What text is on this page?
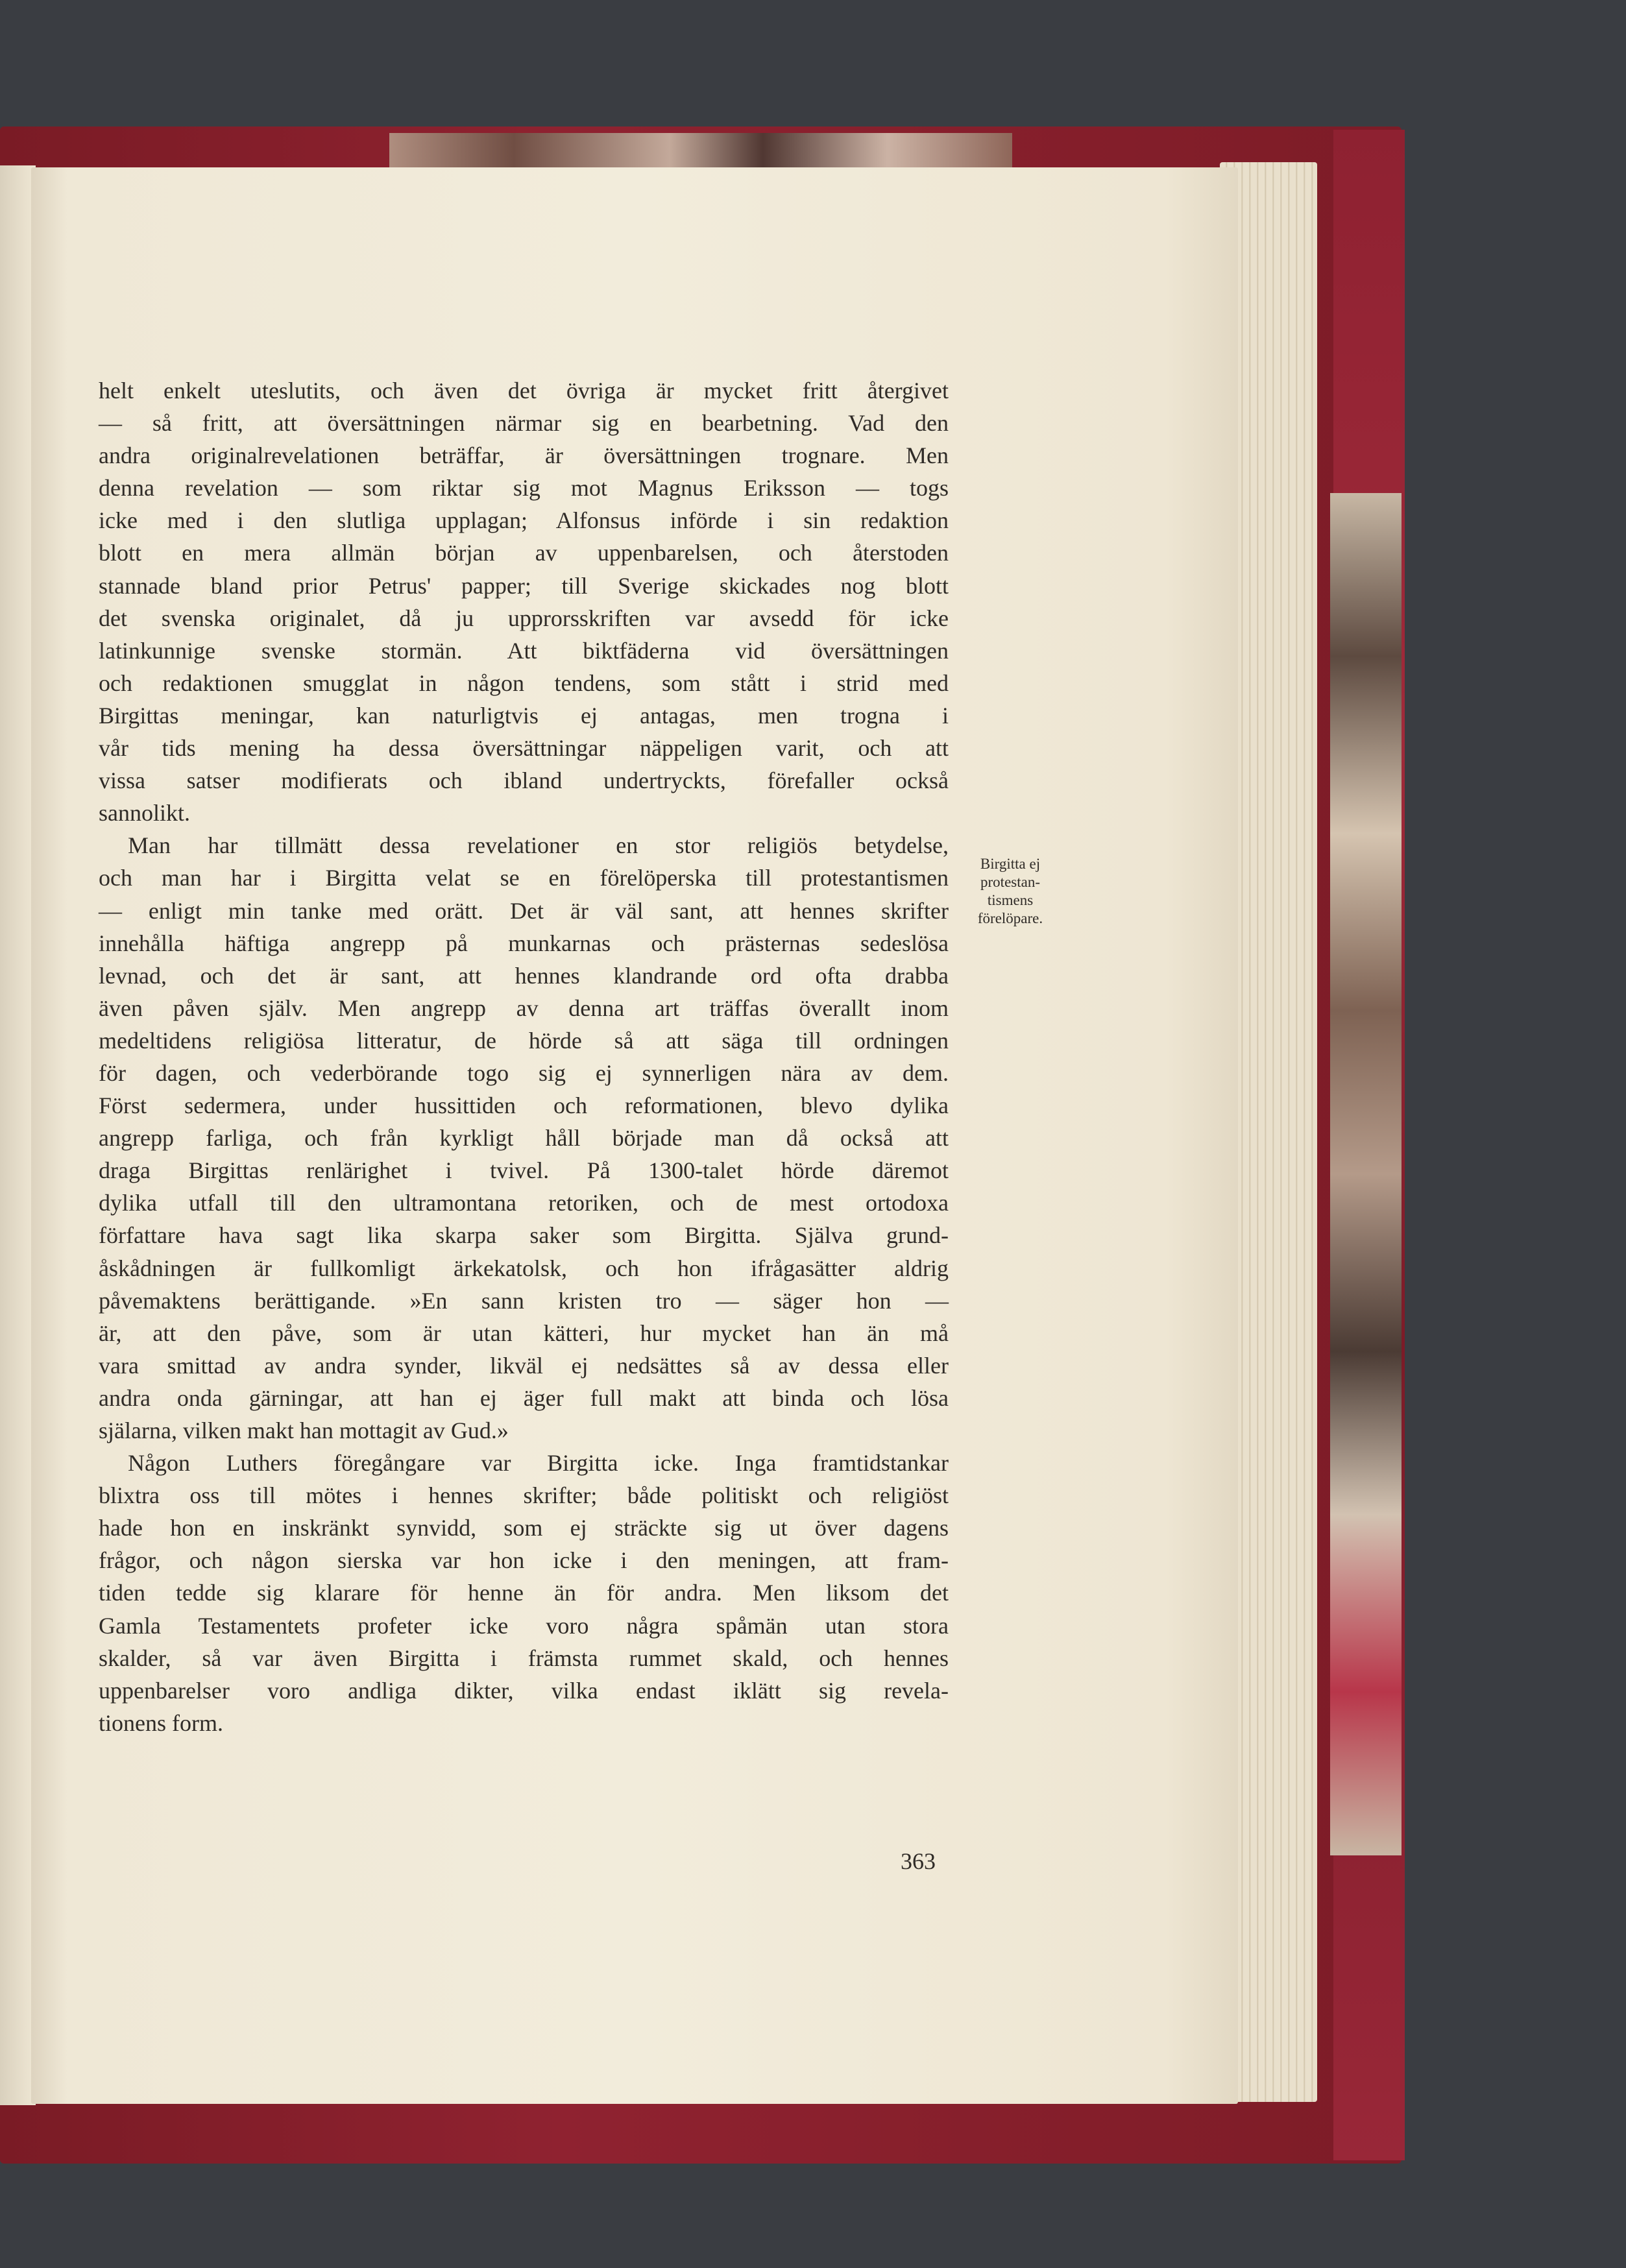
helt enkelt uteslutits, och även det övriga är mycket fritt återgivet
— så fritt, att översättningen närmar sig en bearbetning. Vad den
andra originalrevelationen beträffar, är översättningen trognare. Men
denna revelation — som riktar sig mot Magnus Eriksson — togs
icke med i den slutliga upplagan; Alfonsus införde i sin redaktion
blott en mera allmän början av uppenbarelsen, och återstoden
stannade bland prior Petrus' papper; till Sverige skickades nog blott
det svenska originalet, då ju upprorsskriften var avsedd för icke
latinkunnige svenske stormän. Att biktfäderna vid översättningen
och redaktionen smugglat in någon tendens, som stått i strid med
Birgittas meningar, kan naturligtvis ej antagas, men trogna i
vår tids mening ha dessa översättningar näppeligen varit, och att
vissa satser modifierats och ibland undertryckts, förefaller också
sannolikt.
Man har tillmätt dessa revelationer en stor religiös betydelse,
och man har i Birgitta velat se en förelöperska till protestantismen
— enligt min tanke med orätt. Det är väl sant, att hennes skrifter
innehålla häftiga angrepp på munkarnas och prästernas sedeslösa
levnad, och det är sant, att hennes klandrande ord ofta drabba
även påven själv. Men angrepp av denna art träffas överallt inom
medeltidens religiösa litteratur, de hörde så att säga till ordningen
för dagen, och vederbörande togo sig ej synnerligen nära av dem.
Först sedermera, under hussittiden och reformationen, blevo dylika
angrepp farliga, och från kyrkligt håll började man då också att
draga Birgittas renlärighet i tvivel. På 1300-talet hörde däremot
dylika utfall till den ultramontana retoriken, och de mest ortodoxa
författare hava sagt lika skarpa saker som Birgitta. Själva grund-
åskådningen är fullkomligt ärkekatolsk, och hon ifrågasätter aldrig
påvemaktens berättigande. »En sann kristen tro — säger hon —
är, att den påve, som är utan kätteri, hur mycket han än må
vara smittad av andra synder, likväl ej nedsättes så av dessa eller
andra onda gärningar, att han ej äger full makt att binda och lösa
själarna, vilken makt han mottagit av Gud.»
Någon Luthers föregångare var Birgitta icke. Inga framtidstankar
blixtra oss till mötes i hennes skrifter; både politiskt och religiöst
hade hon en inskränkt synvidd, som ej sträckte sig ut över dagens
frågor, och någon sierska var hon icke i den meningen, att fram-
tiden tedde sig klarare för henne än för andra. Men liksom det
Gamla Testamentets profeter icke voro några spåmän utan stora
skalder, så var även Birgitta i främsta rummet skald, och hennes
uppenbarelser voro andliga dikter, vilka endast iklätt sig revela-
tionens form.
Birgitta ej
protestan-
tismens
förelöpare.
363
